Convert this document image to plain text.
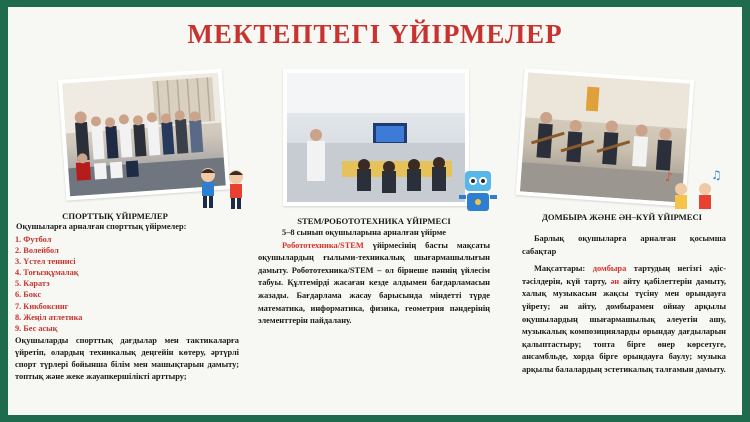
МЕКТЕПТЕГІ ҮЙІРМЕЛЕР
♪	♫
СПОРТТЫҚ ҮЙІРМЕЛЕР
Оқушыларға арналған спорттық үйірмелер:
1. Футбол
2. Волейбол
3. Үстел теннисі
4. Тоғызқұмалақ
5. Каратэ
6. Бокс
7. Кикбоксинг
8. Жеңіл атлетика
9. Бес асық
Оқушыларды спорттық дағдылар мен тактикаларға үйретіп, олардың техникалық деңгейін көтеру, әртүрлі спорт түрлері бойынша білім мен машықтарын дамыту; топтық және жеке жауапкершілікті арттыру;
STEM/РОБОТОТЕХНИКА ҮЙІРМЕСІ
5–8 сынып оқушыларына арналған үйірме
Робототехника/STEM үйірмесінің басты мақсаты оқушылардың ғылыми-техникалық шығармашылығын дамыту. Робототехника/STEM – ол бірнеше пәннің үйлесім табуы. Құлтемірді жасаған кезде алдымен бағдарламасын жазады. Бағдарлама жасау барысында міндетті түрде математика, информатика, физика, геометрия пәндерінің элементтерін пайдалану.
ДОМБЫРА ЖӘНЕ ӘН–КҮЙ ҮЙІРМЕСІ
Барлық оқушыларға арналған қосымша сабақтар
Мақсаттары: домбыра тартудың негізгі әдіс-тәсілдерін, күй тарту, ән айту қабілеттерін дамыту, халық музыкасын жақсы түсіну мен орындауға үйрету; ән айту, домбырамен ойнау арқылы оқушылардың шығармашылық әлеуетін ашу, музыкалық композицияларды орындау дағдыларын қалыптастыру; топта бірге өнер көрсетуге, ансамбльде, хорда бірге орындауға баулу; музыка арқылы балалардың эстетикалық талғамын дамыту.
